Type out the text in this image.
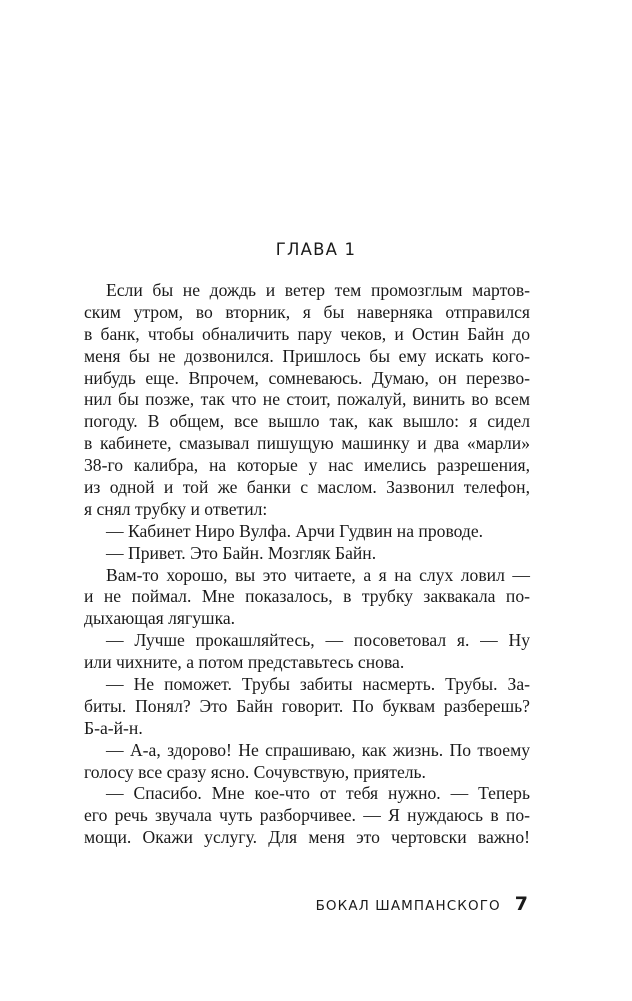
ГЛАВА 1
Если бы не дождь и ветер тем промозглым мартов-
ским утром, во вторник, я бы наверняка отправился
в банк, чтобы обналичить пару чеков, и Остин Байн до
меня бы не дозвонился. Пришлось бы ему искать кого-
нибудь еще. Впрочем, сомневаюсь. Думаю, он перезво-
нил бы позже, так что не стоит, пожалуй, винить во всем
погоду. В общем, все вышло так, как вышло: я сидел
в кабинете, смазывал пишущую машинку и два «марли»
38-го калибра, на которые у нас имелись разрешения,
из одной и той же банки с маслом. Зазвонил телефон,
я снял трубку и ответил:
— Кабинет Ниро Вулфа. Арчи Гудвин на проводе.
— Привет. Это Байн. Мозгляк Байн.
Вам-то хорошо, вы это читаете, а я на слух ловил —
и не поймал. Мне показалось, в трубку заквакала по-
дыхающая лягушка.
— Лучше прокашляйтесь, — посоветовал я. — Ну
или чихните, а потом представьтесь снова.
— Не поможет. Трубы забиты насмерть. Трубы. За-
биты. Понял? Это Байн говорит. По буквам разберешь?
Б-а-й-н.
— А-а, здорово! Не спрашиваю, как жизнь. По твоему
голосу все сразу ясно. Сочувствую, приятель.
— Спасибо. Мне кое-что от тебя нужно. — Теперь
его речь звучала чуть разборчивее. — Я нуждаюсь в по-
мощи. Окажи услугу. Для меня это чертовски важно!
БОКАЛ ШАМПАНСКОГО 7
